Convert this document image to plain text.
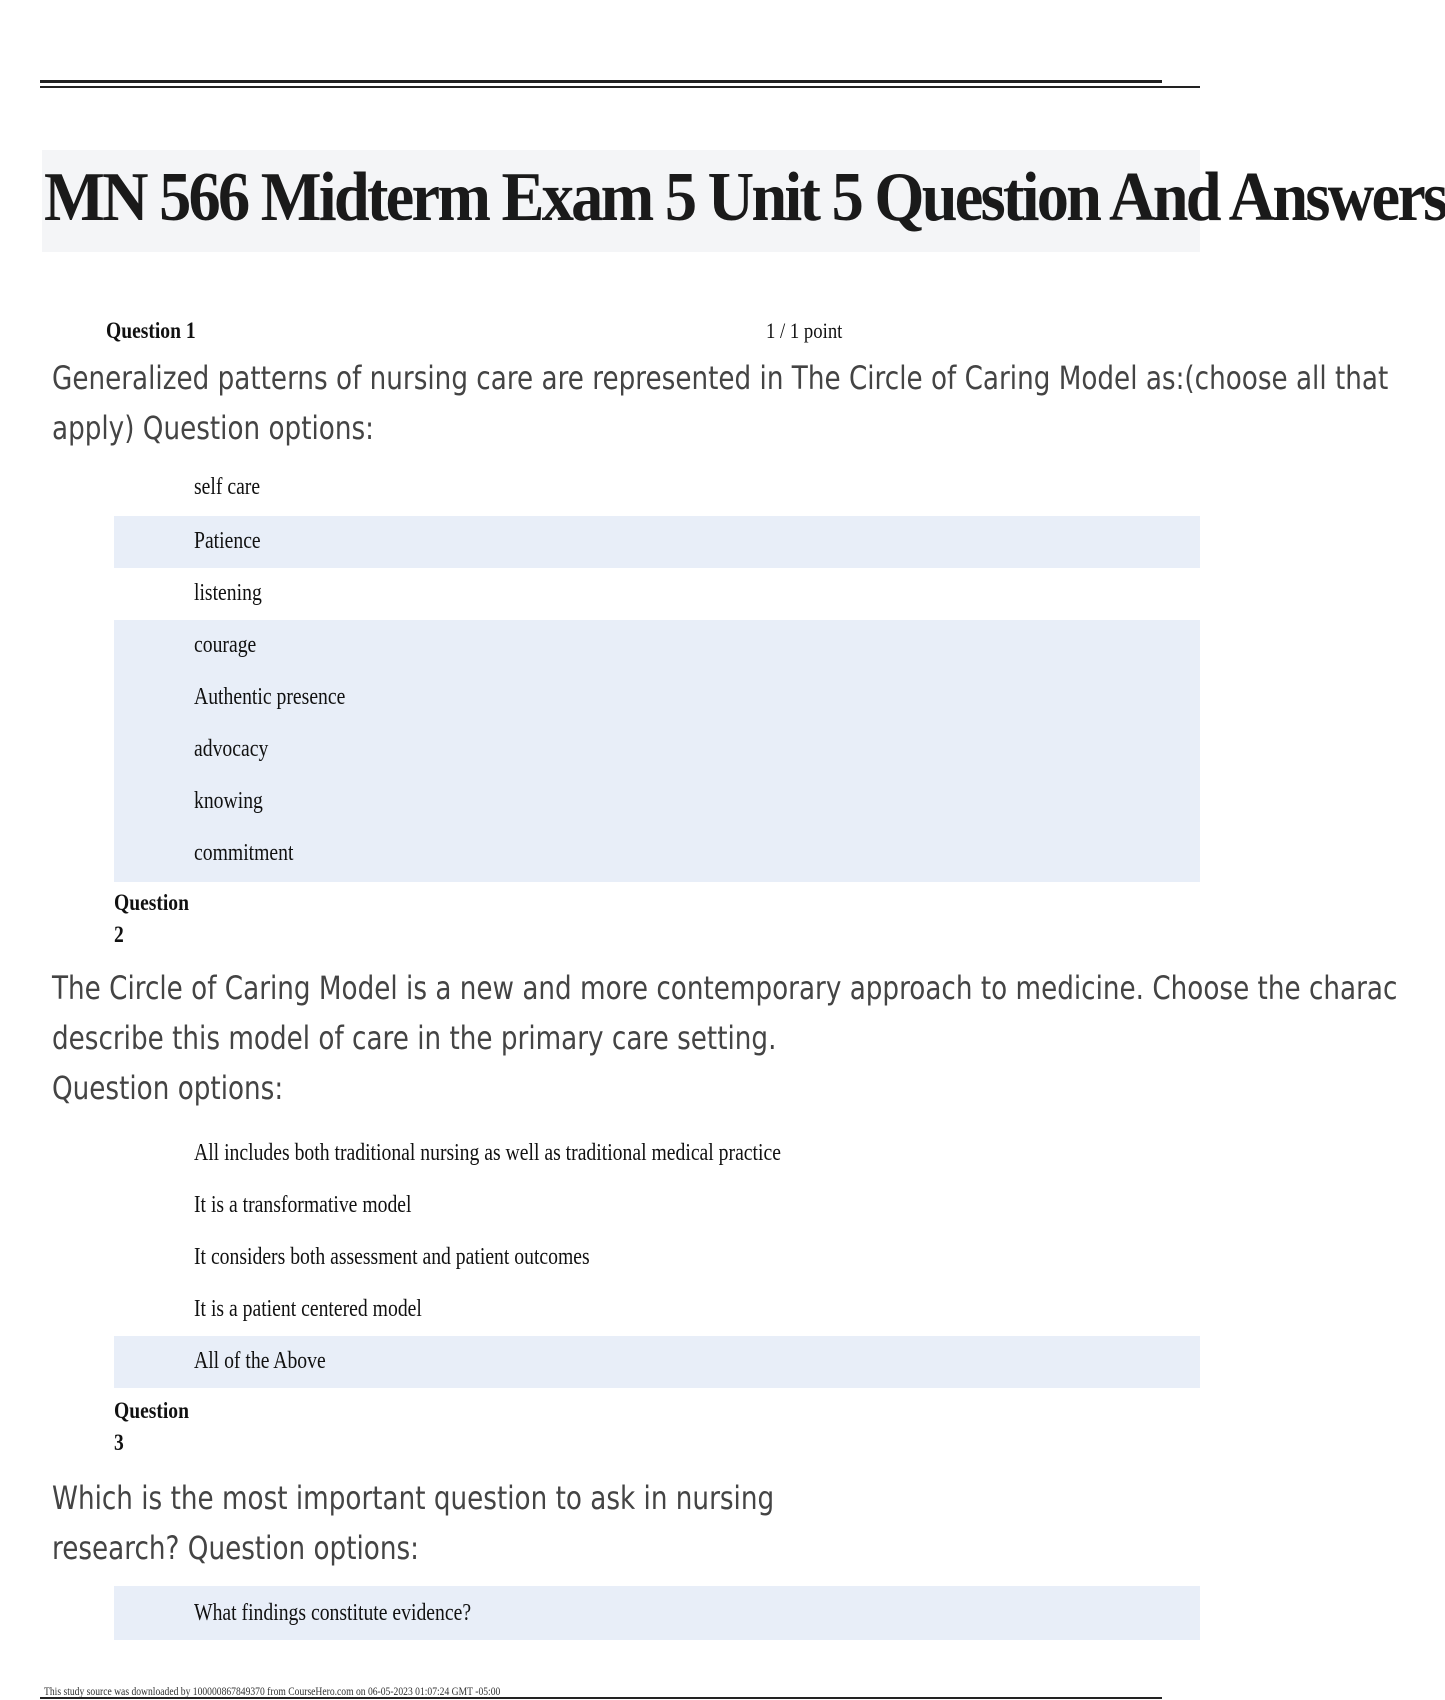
MN 566 Midterm Exam 5 Unit 5 Question And Answers
Question 1	1 / 1 point

Generalized patterns of nursing care are represented in The Circle of Caring Model as:(choose all that

apply) Question options:

self care
Patience
listening
courage
Authentic presence
advocacy
knowing
commitment
Question
2

The Circle of Caring Model is a new and more contemporary approach to medicine. Choose the charac

describe this model of care in the primary care setting.

Question options:

All includes both traditional nursing as well as traditional medical practice
It is a transformative model
It considers both assessment and patient outcomes
It is a patient centered model
All of the Above
Question
3

Which is the most important question to ask in nursing

research? Question options:

What findings constitute evidence?
This study source was downloaded by 100000867849370 from CourseHero.com on 06-05-2023 01:07:24 GMT -05:00
